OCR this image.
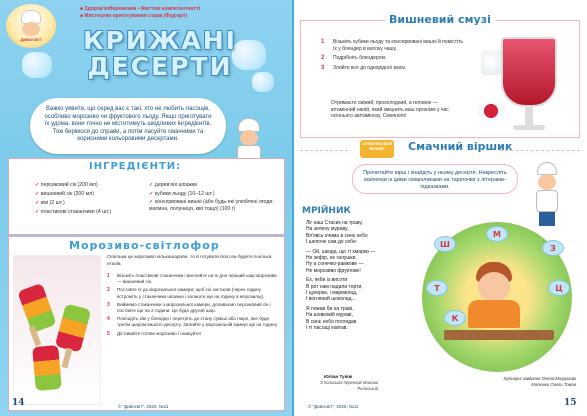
ДИВОСВІТ
■ Здоров'язбереження • Життєві компетентності
■ Мистецтво приготування страв (Фуд-арт)
КРИЖАНІ
ДЕСЕРТИ
Важко уявити, що серед вас є такі, хто не любить ласощів, особливо морозиво чи фруктового льоду. Якщо приготувати їх удома, вони точно не міститимуть шкідливих інгредієнтів. Тож берімося до справи, а потім ласуйте смачними та корисними кольоровими десертами.
ІНГРЕДІЄНТИ:
✓ персиковий сік (200 мл)
✓ вишневий сік (200 мл)
✓ ківі (2 шт.)
✓ пластикові стаканчики (4 шт.)
✓ дерев'яні шпажки
✓ кубики льоду (10–12 шт.)
✓ консервовані вишні (або будь-які улюблені ягоди: малина, полуниця, ківі тощо) (100 г)
Морозиво-світлофор
Оскільки це морозиво кількашарове, то й готувати його ви будете в кілька етапів.
1	Візьміть пластикові стаканчики і виллийте на їх дно перший шар морозива — вишневий сік.
2	Поставте їх до морозильної камери; щоб сік застигав (через годину встроміть у стаканчики шпажки і залиште ще на годину в морозилці).
3	Виймемо стаканчики з морозильної камери, доливаємо персиковий сік і поставте ще на 2 години. Це буде другий шар.
4	Покладіть ківі у блендер і перетріть до стану суміші або пюре, яке буде третім шаром вашого десерту. Залийте у морозильній камері ще на годину.
5	Діставайте готове морозиво і смакуйте!
14	© "Дивосвіт", 2020, №11
Вишневий смузі
1	Візьміть кубики льоду та консервовані вишні й помістіть їх у блендер в високу чашу.
2	Подрібніть блендером.
3	Злийте все до однорідної маси.
Отримаєте свіжий, прохолодний, а головне — вітамінний напій, який зміцнить ваш організм у час осіннього авітамінозу. Смачного!
СЛОВНИКОВИЙ ВІЛІНЕР	Смачний віршик
Прочитайте вірш і знайдіть у ньому десерти. Накресліть малюнки із цими смаколиками на тарілочки з літерами-підказками.
МРІЙНИК
Ліг наш Стасик на траву,
На зелену мураву,
Вп'явсь очима в синє небо
І шепоче сам до себе:
— Ой, шкода, що ті хмарки —
Не зефір, не галушки,
Ну а сонечко-рамкове —
Не морозиво фруктове!
Ех, якби із висоти
В рот нам падали торти,
І цукерки, і мармелад,
І вогняний шоколад...
Я пожав би на траві,
На шовковій мураві,
В синє небо поглядав
І ті ласощі ковтав.
Юліан Тувім
З польської переклав Максим Рильський
Ш
М
З
Ц
Т
К
Кулінарні завдання Олена Мазуркова
Малюнки Олеги Томов
© "Дивосвіт", 2020, №11	15
